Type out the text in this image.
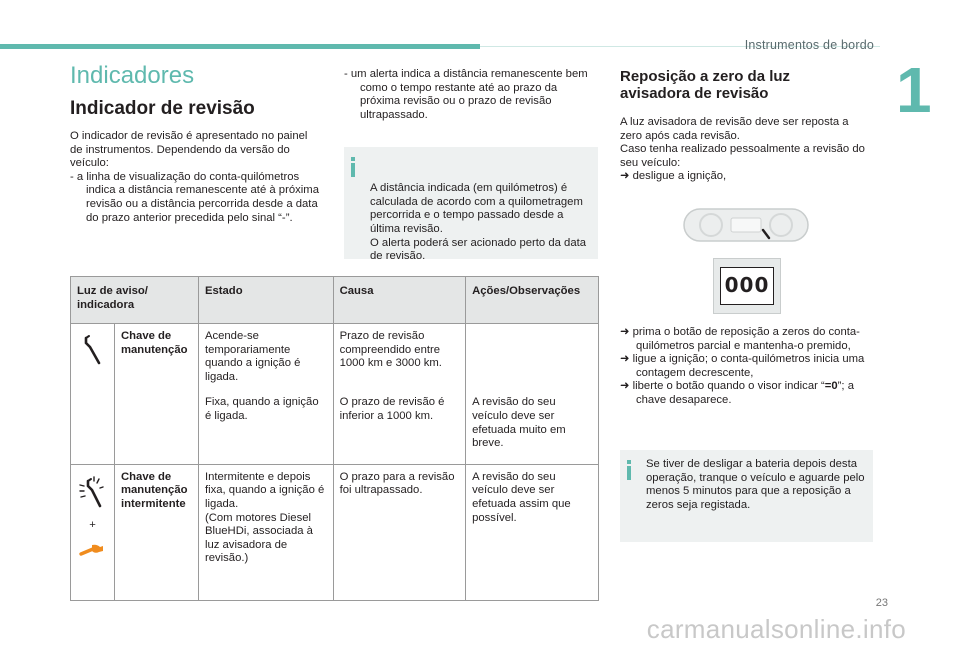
Instrumentos de bordo
1
Indicadores
Indicador de revisão

O indicador de revisão é apresentado no painel de instrumentos. Dependendo da versão do veículo:

- a linha de visualização do conta-quilómetros indica a distância remanescente até à próxima revisão ou a distância percorrida desde a data do prazo anterior precedida pelo sinal “-”.

- um alerta indica a distância remanescente bem como o tempo restante até ao prazo da próxima revisão ou o prazo de revisão ultrapassado.

A distância indicada (em quilómetros) é calculada de acordo com a quilometragem percorrida e o tempo passado desde a última revisão.
O alerta poderá ser acionado perto da data de revisão.

Luz de aviso/ indicadora		Estado	Causa	Ações/Observações
	Chave de manutenção	Acende-se temporariamente quando a ignição é ligada.	Prazo de revisão compreendido entre 1000 km e 3000 km.	
		Fixa, quando a ignição é ligada.	O prazo de revisão é inferior a 1000 km.	A revisão do seu veículo deve ser efetuada muito em breve.

+	Chave de manutenção intermitente	Intermitente e depois fixa, quando a ignição é ligada.
(Com motores Diesel BlueHDi, associada à luz avisadora de revisão.)	O prazo para a revisão foi ultrapassado.	A revisão do seu veículo deve ser efetuada assim que possível.
Reposição a zero da luz avisadora de revisão

A luz avisadora de revisão deve ser reposta a zero após cada revisão.
Caso tenha realizado pessoalmente a revisão do seu veículo:

➜ desligue a ignição,

000

➜ prima o botão de reposição a zeros do conta-quilómetros parcial e mantenha-o premido,

➜ ligue a ignição; o conta-quilómetros inicia uma contagem decrescente,

➜ liberte o botão quando o visor indicar “=0”; a chave desaparece.

Se tiver de desligar a bateria depois desta operação, tranque o veículo e aguarde pelo menos 5 minutos para que a reposição a zeros seja registada.
23
carmanualsonline.info
